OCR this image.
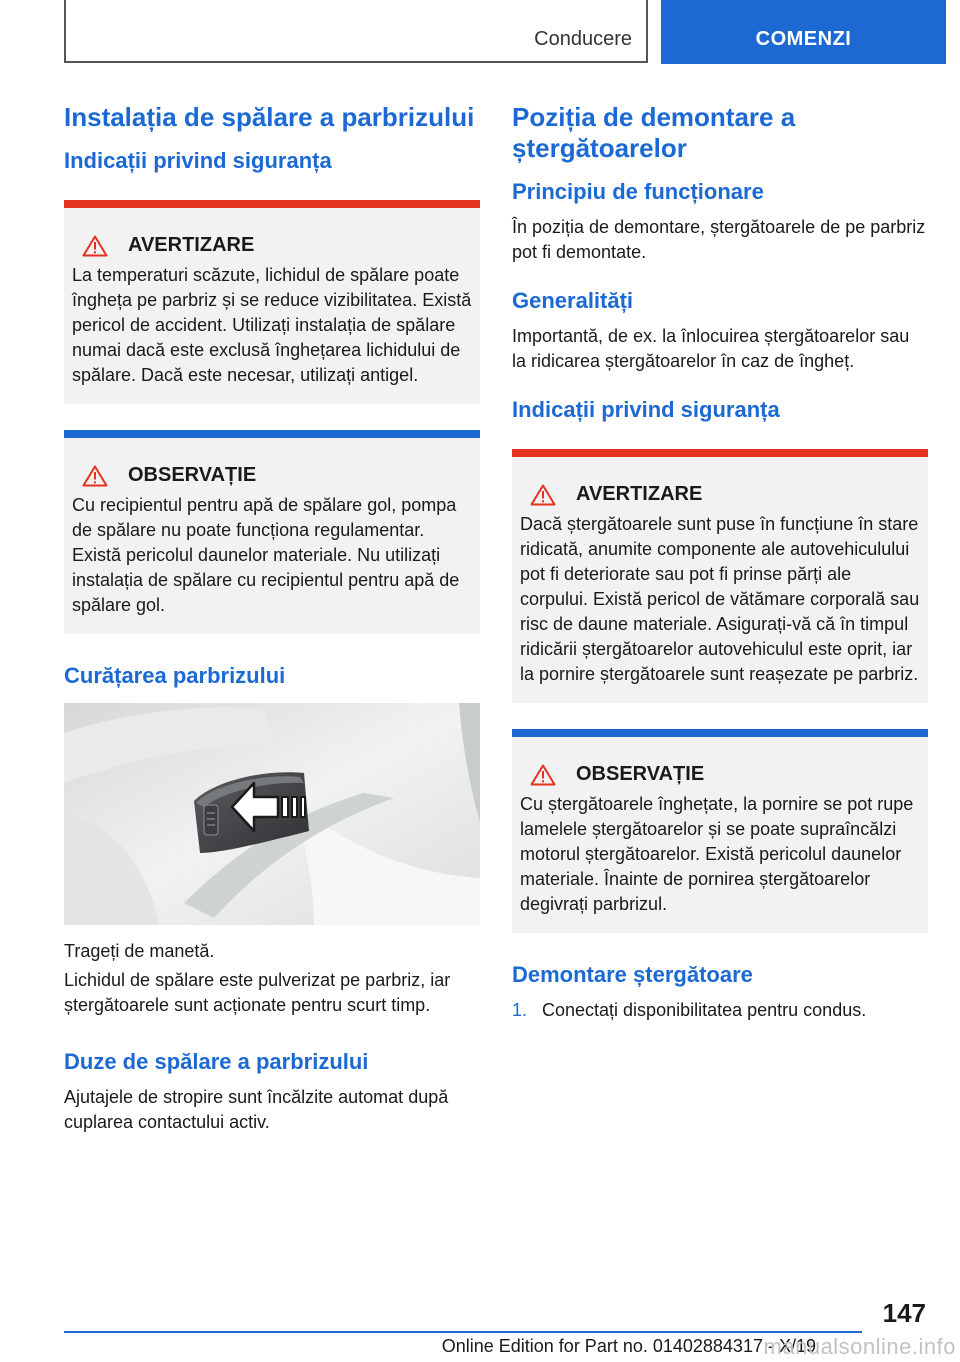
Conducere	COMENZI
Instalația de spălare a parbrizului
Indicații privind siguranța
AVERTIZARE

La temperaturi scăzute, lichidul de spălare poate îngheța pe parbriz și se reduce vizibilitatea. Există pericol de accident. Utilizați instalația de spălare numai dacă este exclusă înghețarea lichidului de spălare. Dacă este necesar, utilizați antigel.

OBSERVAȚIE

Cu recipientul pentru apă de spălare gol, pompa de spălare nu poate funcționa regulamentar. Există pericolul daunelor materiale. Nu utilizați instalația de spălare cu recipientul pentru apă de spălare gol.

Curățarea parbrizului

Trageți de manetă.

Lichidul de spălare este pulverizat pe parbriz, iar ștergătoarele sunt acționate pentru scurt timp.

Duze de spălare a parbrizului

Ajutajele de stropire sunt încălzite automat după cuplarea contactului activ.

Poziția de demontare a ștergătoarelor
Principiu de funcționare

În poziția de demontare, ștergătoarele de pe parbriz pot fi demontate.

Generalități

Importantă, de ex. la înlocuirea ștergătoarelor sau la ridicarea ștergătoarelor în caz de îngheț.

Indicații privind siguranța
AVERTIZARE

Dacă ștergătoarele sunt puse în funcțiune în stare ridicată, anumite componente ale autovehiculului pot fi deteriorate sau pot fi prinse părți ale corpului. Există pericol de vătămare corporală sau risc de daune materiale. Asigurați-vă că în timpul ridicării ștergătoarelor autovehiculul este oprit, iar la pornire ștergătoarele sunt reașezate pe parbriz.

OBSERVAȚIE

Cu ștergătoarele înghețate, la pornire se pot rupe lamelele ștergătoarelor și se poate supraîncălzi motorul ștergătoarelor. Există pericolul daunelor materiale. Înainte de pornirea ștergătoarelor degivrați parbrizul.

Demontare ștergătoare
1. Conectați disponibilitatea pentru condus.
147
Online Edition for Part no. 01402884317 - X/19
manualsonline.info
